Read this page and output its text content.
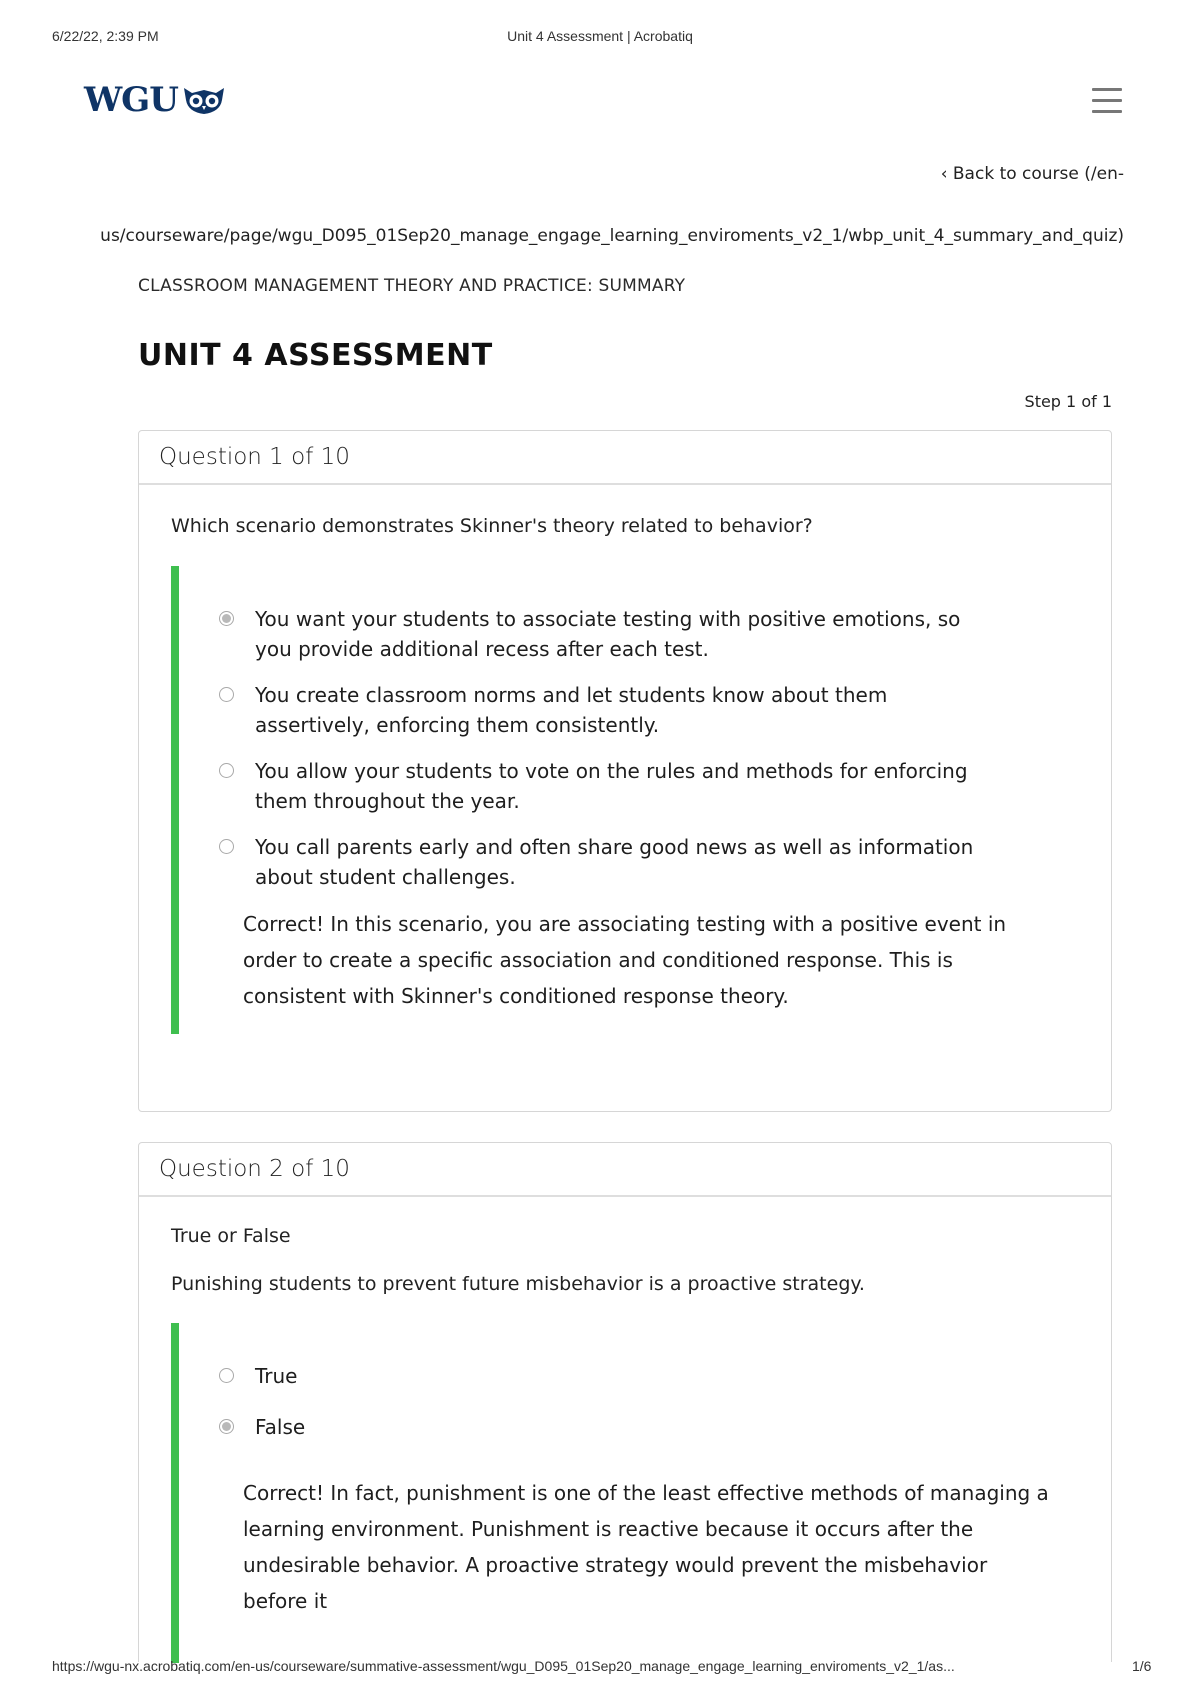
6/22/22, 2:39 PM	Unit 4 Assessment | Acrobatiq
WGU
‹ Back to course (/en-
us/courseware/page/wgu_D095_01Sep20_manage_engage_learning_enviroments_v2_1/wbp_unit_4_summary_and_quiz)
CLASSROOM MANAGEMENT THEORY AND PRACTICE: SUMMARY
UNIT 4 ASSESSMENT
Step 1 of 1
Question 1 of 10
Which scenario demonstrates Skinner's theory related to behavior?
You want your students to associate testing with positive emotions, so you provide additional recess after each test.
You create classroom norms and let students know about them assertively, enforcing them consistently.
You allow your students to vote on the rules and methods for enforcing them throughout the year.
You call parents early and often share good news as well as information about student challenges.
Correct! In this scenario, you are associating testing with a positive event in order to create a specific association and conditioned response. This is consistent with Skinner's conditioned response theory.
Question 2 of 10
True or False
Punishing students to prevent future misbehavior is a proactive strategy.
True
False
Correct! In fact, punishment is one of the least effective methods of managing a learning environment. Punishment is reactive because it occurs after the undesirable behavior. A proactive strategy would prevent the misbehavior before it
https://wgu-nx.acrobatiq.com/en-us/courseware/summative-assessment/wgu_D095_01Sep20_manage_engage_learning_enviroments_v2_1/as...	1/6
